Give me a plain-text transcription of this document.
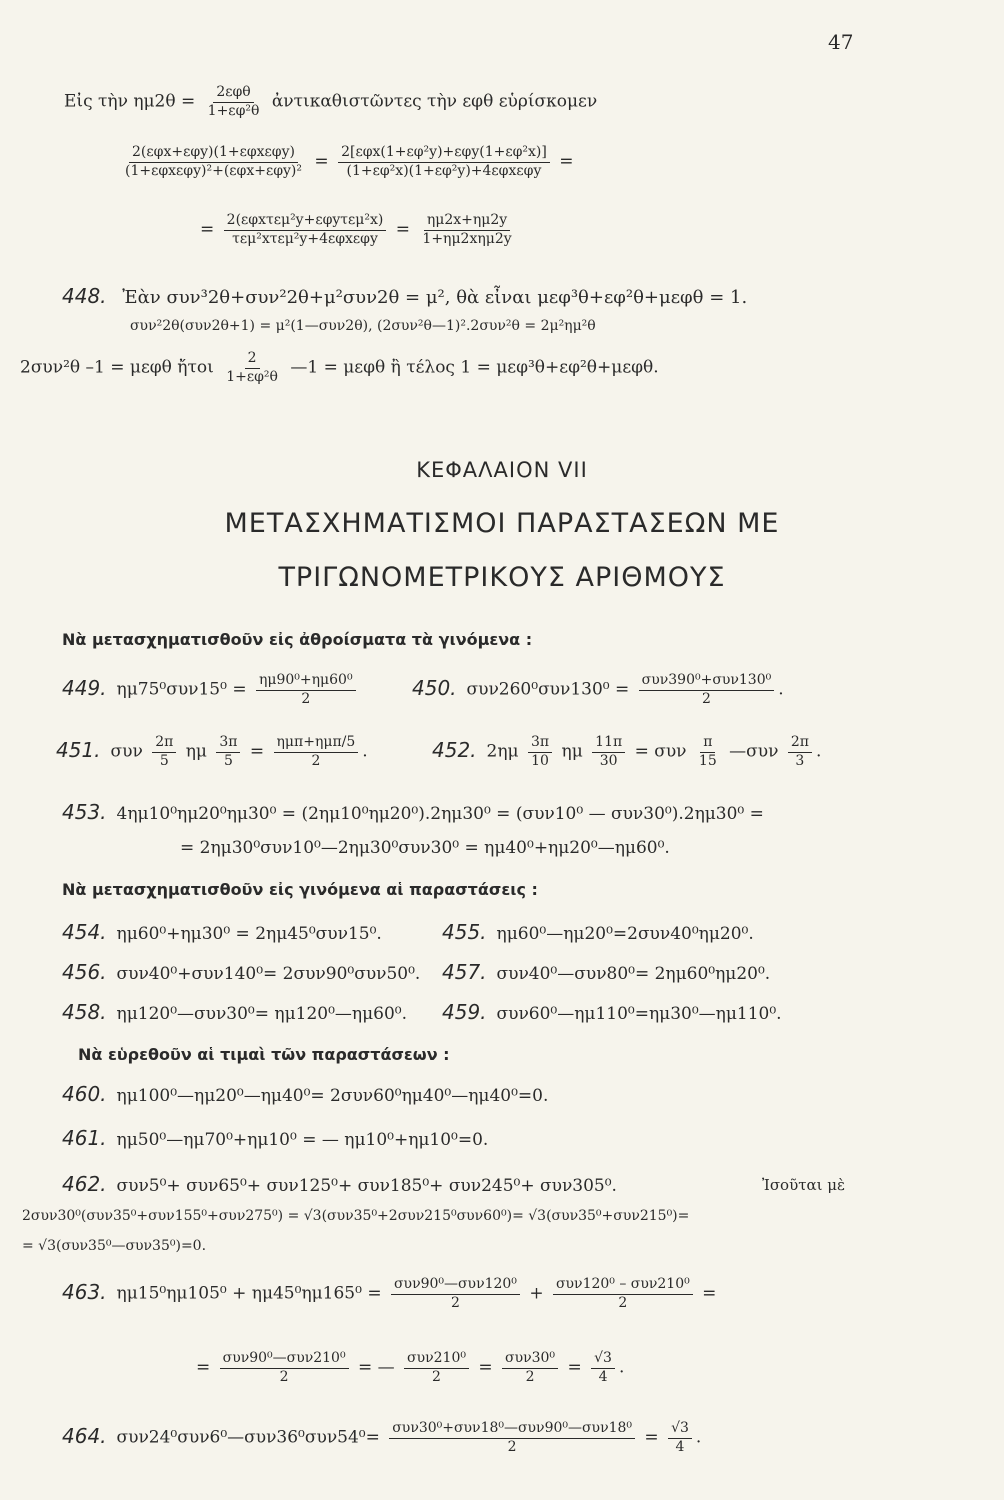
47
Εἰς τὴν $\eta\mu 2\theta = \frac{\text{2εφθ}}{\text{1+εφ²θ}}$ ἀντικαθιστῶντες τὴν εφθ εὑρίσκομεν
$\frac{\text{2(εφx+εφy)(1+εφxεφy)}}{\text{(1+εφxεφy)²+(εφx+εφy)²}} = \frac{\text{2[εφx(1+εφ²y)+εφy(1+εφ²x)]}}{\text{(1+εφ²x)(1+εφ²y)+4εφxεφy}}$ =
= $\frac{\text{2(εφxτεμ²y+εφyτεμ²x)}}{\text{τεμ²xτεμ²y+4εφxεφy}} = \frac{\eta\mu 2x+\eta\mu 2y}{\text{1+ημ2xημ2y}}$
448. Ἐὰν συν³2θ+συν²2θ+μ²συν2θ = μ², θὰ εἶναι μεφ³θ+εφ²θ+μεφθ = 1.
συν²2θ(συν2θ+1) = μ²(1—συν2θ), (2συν²θ—1)².2συν²θ = 2μ²ημ²θ
2συν²θ –1 = μεφθ ἤτοι $\frac{2}{\text{1+εφ²θ}}$ —1 = μεφθ ἢ τέλος 1 = μεφ³θ+εφ²θ+μεφθ.
ΚΕΦΑΛΑΙΟΝ VII
ΜΕΤΑΣΧΗΜΑΤΙΣΜΟΙ ΠΑΡΑΣΤΑΣΕΩΝ ΜΕ
ΤΡΙΓΩΝΟΜΕΤΡΙΚΟΥΣ ΑΡΙΘΜΟΥΣ
Νὰ μετασχηματισθοῦν εἰς ἀθροίσματα τὰ γινόμενα :
449. $\eta\mu 75^0\sigma\upsilon\nu 15^0 = \frac{\text{ημ90⁰+ημ60⁰}}{2}$	450. $\sigma\upsilon\nu 260^0\sigma\upsilon\nu 130^0 = \frac{\text{συν390⁰+συν130⁰}}{2}$ .
451. συν $\frac{2\pi}{5}$ ημ $\frac{3\pi}{5} = \frac{\text{ημπ+ημπ/5}}{2}$ .	452. $2\eta\mu \frac{3\pi}{10}$ ημ $\frac{11\pi}{30} = \sigma\upsilon\nu \frac{\pi}{15}$ —συν $\frac{2\pi}{3}$ .
453. 4ημ10⁰ημ20⁰ημ30⁰ = (2ημ10⁰ημ20⁰).2ημ30⁰ = (συν10⁰ — συν30⁰).2ημ30⁰ =
= 2ημ30⁰συν10⁰—2ημ30⁰συν30⁰ = ημ40⁰+ημ20⁰—ημ60⁰.
Νὰ μετασχηματισθοῦν εἰς γινόμενα αἱ παραστάσεις :
454. ημ60⁰+ημ30⁰ = 2ημ45⁰συν15⁰.	455. ημ60⁰—ημ20⁰=2συν40⁰ημ20⁰.
456. συν40⁰+συν140⁰= 2συν90⁰συν50⁰. 457. συν40⁰—συν80⁰= 2ημ60⁰ημ20⁰.
458. ημ120⁰—συν30⁰= ημ120⁰—ημ60⁰. 459. συν60⁰—ημ110⁰=ημ30⁰—ημ110⁰.
Νὰ εὑρεθοῦν αἱ τιμαὶ τῶν παραστάσεων :
460. ημ100⁰—ημ20⁰—ημ40⁰= 2συν60⁰ημ40⁰—ημ40⁰=0.
461. ημ50⁰—ημ70⁰+ημ10⁰ = — ημ10⁰+ημ10⁰=0.
462. συν5⁰+ συν65⁰+ συν125⁰+ συν185⁰+ συν245⁰+ συν305⁰.	Ἰσοῦται μὲ
2συν30⁰(συν35⁰+συν155⁰+συν275⁰) = √3(συν35⁰+2συν215⁰συν60⁰)= √3(συν35⁰+συν215⁰)=
= √3(συν35⁰—συν35⁰)=0.
463. $\eta\mu 15^0\eta\mu 105^0 + \eta\mu 45^0\eta\mu 165^0 = \frac{\text{συν90⁰—συν120⁰}}{2} + \frac{\text{συν120⁰ – συν210⁰}}{2}$ =
= $\frac{\text{συν90⁰—συν210⁰}}{2}$ = — $\frac{\text{συν210⁰}}{2} = \frac{\text{συν30⁰}}{2} = \frac{√3}{4}$ .
464. συν24⁰συν6⁰—συν36⁰συν54⁰= $\frac{\text{συν30⁰+συν18⁰—συν90⁰—συν18⁰}}{2} = \frac{√3}{4}$ .
